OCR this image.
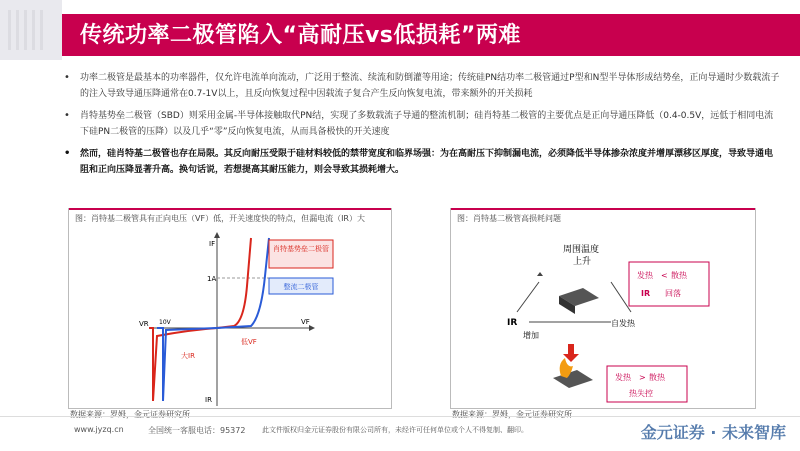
传统功率二极管陷入“高耐压vs低损耗”两难
• 功率二极管是最基本的功率器件，仅允许电流单向流动，广泛用于整流、续流和防倒灌等用途；传统硅PN结功率二极管通过P型和N型半导体形成结势垒，正向导通时少数载流子的注入导致导通压降通常在0.7-1V以上，且反向恢复过程中因载流子复合产生反向恢复电流，带来额外的开关损耗
• 肖特基势垒二极管（SBD）则采用金属-半导体接触取代PN结，实现了多数载流子导通的整流机制；硅肖特基二极管的主要优点是正向导通压降低（0.4-0.5V，远低于相同电流下硅PN二极管的压降）以及几乎“零”反向恢复电流，从而具备极快的开关速度
• 然而，硅肖特基二极管也存在局限。其反向耐压受限于硅材料较低的禁带宽度和临界场强：为在高耐压下抑制漏电流，必须降低半导体掺杂浓度并增厚漂移区厚度，导致导通电阻和正向压降显著升高。换句话说，若想提高其耐压能力，则会导致其损耗增大。
图：肖特基二极管具有正向电压（VF）低，开关速度快的特点，但漏电流（IR）大
肖特基势垒二极管
整流二极管
IF
1A
VR	VF
10V
IR
低VF
大IR
数据来源：罗姆，金元证券研究所
图：肖特基二极管高损耗问题
周围温度
上升
IR
增加
自发热
发热 < 散热
IR 回落
发热 > 散热
热失控
数据来源：罗姆，金元证券研究所
www.jyzq.cn	全国统一客服电话：95372 此文件版权归金元证券股份有限公司所有，未经许可任何单位或个人不得复制、翻印。	金元证券 · 未来智库
